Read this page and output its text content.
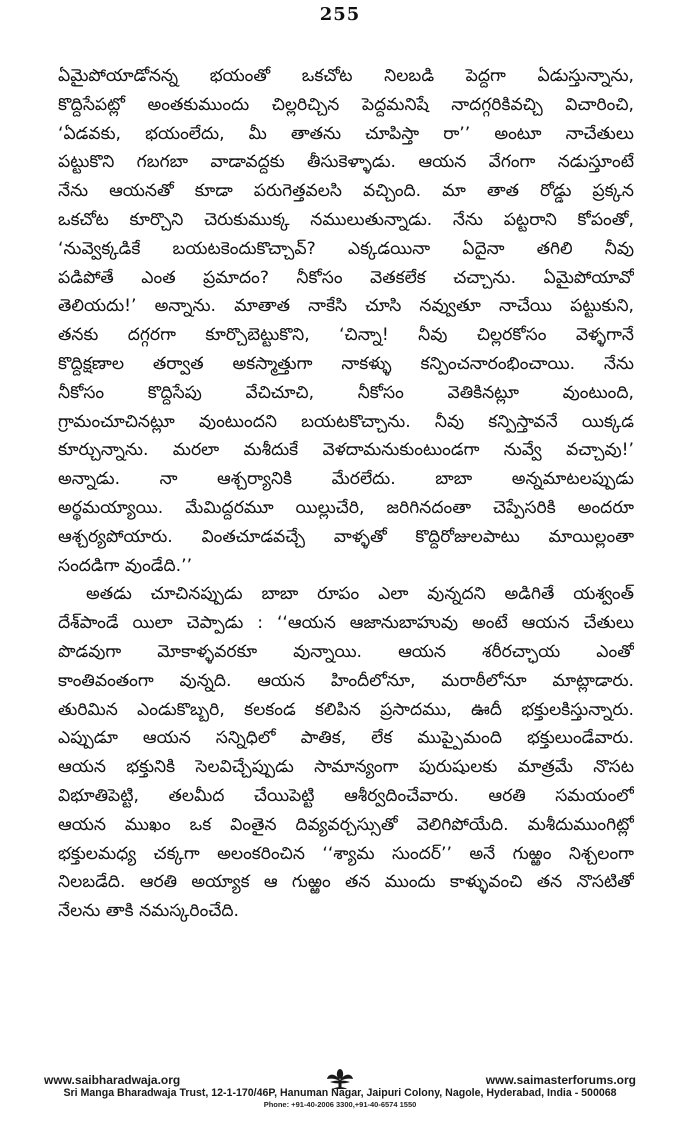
255
ఏమైపోయాడోనన్న భయంతో ఒకచోట నిలబడి పెద్దగా ఏడుస్తున్నాను,
కొద్దిసేపట్లో అంతకుముందు చిల్లరిచ్చిన పెద్దమనిషే నాదగ్గరికివచ్చి విచారించి,
‘ఏడవకు, భయంలేదు, మీ తాతను చూపిస్తా రా’’ అంటూ నాచేతులు
పట్టుకొని గబగబా వాడావద్దకు తీసుకెళ్ళాడు. ఆయన వేగంగా నడుస్తూంటే
నేను ఆయనతో కూడా పరుగెత్తవలసి వచ్చింది. మా తాత రోడ్డు ప్రక్కన
ఒకచోట కూర్చొని చెరుకుముక్క నములుతున్నాడు. నేను పట్టరాని కోపంతో,
‘నువ్వెక్కడికే బయటకెందుకొచ్చావ్? ఎక్కడయినా ఏదైనా తగిలి నీవు
పడిపోతే ఎంత ప్రమాదం? నీకోసం వెతకలేక చచ్చాను. ఏమైపోయావో
తెలియదు!’ అన్నాను. మాతాత నాకేసి చూసి నవ్వుతూ నాచేయి పట్టుకుని,
తనకు దగ్గరగా కూర్చొబెట్టుకొని, ‘చిన్నా! నీవు చిల్లరకోసం వెళ్ళగానే
కొద్దిక్షణాల తర్వాత అకస్మాత్తుగా నాకళ్ళు కన్పించనారంభించాయి. నేను
నీకోసం కొద్దిసేపు వేచిచూచి, నీకోసం వెతికినట్లూ వుంటుంది,
గ్రామంచూచినట్లూ వుంటుందని బయటకొచ్చాను. నీవు కన్పిస్తావనే యిక్కడ
కూర్చున్నాను. మరలా మశీదుకే వెళదామనుకుంటుండగా నువ్వే వచ్చావు!’
అన్నాడు. నా ఆశ్చర్యానికి మేరలేదు. బాబా అన్నమాటలప్పుడు
అర్థమయ్యాయి. మేమిద్దరమూ యిల్లుచేరి, జరిగినదంతా చెప్పేసరికి అందరూ
ఆశ్చర్యపోయారు. వింతచూడవచ్చే వాళ్ళతో కొద్దిరోజులపాటు మాయిల్లంతా
సందడిగా వుండేది.’’
అతడు చూచినప్పుడు బాబా రూపం ఎలా వున్నదని అడిగితే యశ్వంత్
దేశ్‌పాండే యిలా చెప్పాడు : ‘‘ఆయన ఆజానుబాహువు అంటే ఆయన చేతులు
పొడవుగా మోకాళ్ళవరకూ వున్నాయి. ఆయన శరీరచ్ఛాయ ఎంతో
కాంతివంతంగా వున్నది. ఆయన హిందీలోనూ, మరాఠీలోనూ మాట్లాడారు.
తురిమిన ఎండుకొబ్బరి, కలకండ కలిపిన ప్రసాదము, ఊదీ భక్తులకిస్తున్నారు.
ఎప్పుడూ ఆయన సన్నిధిలో పాతిక, లేక ముప్పైమంది భక్తులుండేవారు.
ఆయన భక్తునికి సెలవిచ్చేప్పుడు సామాన్యంగా పురుషులకు మాత్రమే నొసట
విభూతిపెట్టి, తలమీద చేయిపెట్టి ఆశీర్వదించేవారు. ఆరతి సమయంలో
ఆయన ముఖం ఒక వింతైన దివ్యవర్చస్సుతో వెలిగిపోయేది. మశీదుముంగిట్లో
భక్తులమధ్య చక్కగా అలంకరించిన ‘‘శ్యామ సుందర్’’ అనే గుఱ్ఱం నిశ్చలంగా
నిలబడేది. ఆరతి అయ్యాక ఆ గుఱ్ఱం తన ముందు కాళ్ళువంచి తన నొసటితో
నేలను తాకి నమస్కరించేది.
www.saibharadwaja.org	www.saimasterforums.org
Sri Manga Bharadwaja Trust, 12-1-170/46P, Hanuman Nagar, Jaipuri Colony, Nagole, Hyderabad, India - 500068
Phone: +91-40-2006 3300,+91-40-6574 1550
